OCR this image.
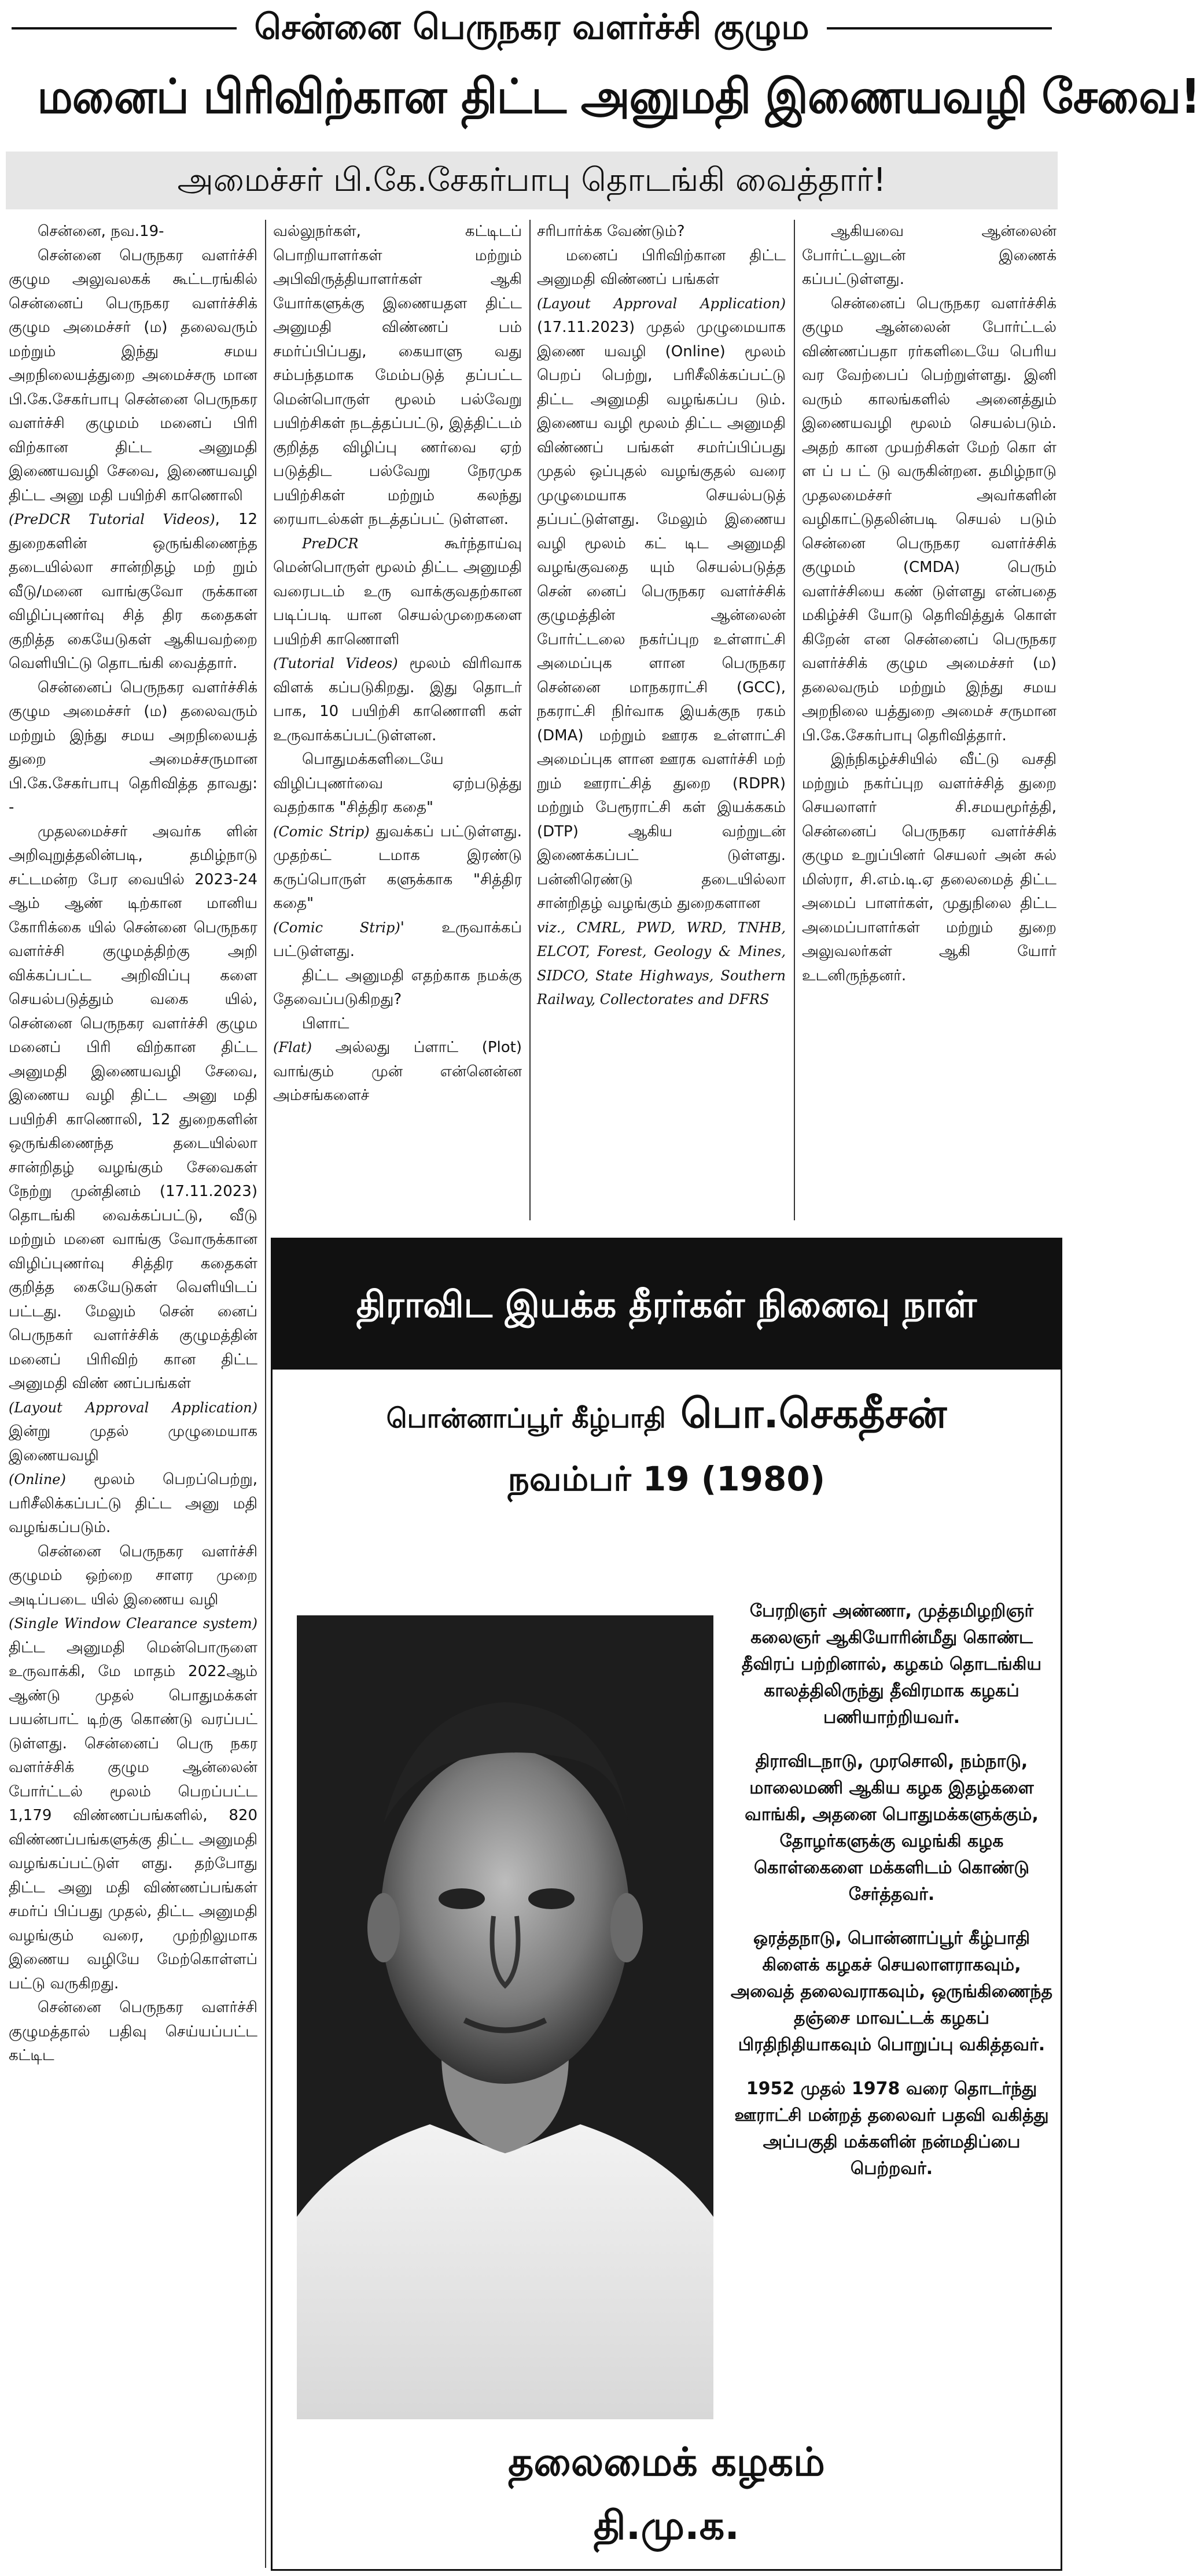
சென்னை பெருநகர வளர்ச்சி குழும
மனைப் பிரிவிற்கான திட்ட அனுமதி இணையவழி சேவை!
அமைச்சர் பி.கே.சேகர்பாபு தொடங்கி வைத்தார்!

சென்னை, நவ.19-

சென்னை பெருநகர வளர்ச்சி குழும அலுவலகக் கூட்டரங்கில் சென்னைப் பெருநகர வளர்ச்சிக் குழும அமைச்சர் (ம) தலைவரும் மற்றும் இந்து சமய அறநிலையத்துறை அமைச்சரு மான பி.கே.சேகர்பாபு சென்னை பெருநகர வளர்ச்சி குழுமம் மனைப் பிரி விற்கான திட்ட அனுமதி இணையவழி சேவை, இணையவழி திட்ட அனு மதி பயிற்சி காணொலி

(PreDCR Tutorial Videos), 12 துறைகளின் ஒருங்கிணைந்த தடையில்லா சான்றிதழ் மற் றும் வீடு/மனை வாங்குவோ ருக்கான விழிப்புணர்வு சித் திர கதைகள் குறித்த கையேடுகள் ஆகியவற்றை வெளியிட்டு தொடங்கி வைத்தார்.

சென்னைப் பெருநகர வளர்ச்சிக் குழும அமைச்சர் (ம) தலைவரும் மற்றும் இந்து சமய அறநிலையத் துறை அமைச்சருமான பி.கே.சேகர்பாபு தெரிவித்த தாவது: -

முதலமைச்சர் அவர்க ளின் அறிவுறுத்தலின்படி, தமிழ்நாடு சட்டமன்ற பேர வையில் 2023-24 ஆம் ஆண் டிற்கான மானிய கோரிக்கை யில் சென்னை பெருநகர வளர்ச்சி குழுமத்திற்கு அறி விக்கப்பட்ட அறிவிப்பு களை செயல்படுத்தும் வகை யில், சென்னை பெருநகர வளர்ச்சி குழும மனைப் பிரி விற்கான திட்ட அனுமதி இணையவழி சேவை, இணைய வழி திட்ட அனு மதி பயிற்சி காணொலி, 12 துறைகளின் ஒருங்கிணைந்த தடையில்லா சான்றிதழ் வழங்கும் சேவைகள் நேற்று முன்தினம் (17.11.2023) தொடங்கி வைக்கப்பட்டு, வீடு மற்றும் மனை வாங்கு வோருக்கான விழிப்புணர்வு சித்திர கதைகள் குறித்த கையேடுகள் வெளியிடப் பட்டது. மேலும் சென் னைப் பெருநகர் வளர்ச்சிக் குழுமத்தின் மனைப் பிரிவிற் கான திட்ட அனுமதி விண் ணப்பங்கள்

(Layout Approval Application) இன்று முதல் முழுமையாக இணையவழி

(Online) மூலம் பெறப்பெற்று, பரிசீலிக்கப்பட்டு திட்ட அனு மதி வழங்கப்படும்.

சென்னை பெருநகர வளர்ச்சி குழுமம் ஒற்றை சாளர முறை அடிப்படை யில் இணைய வழி

(Single Window Clearance system) திட்ட அனுமதி மென்பொருளை உருவாக்கி, மே மாதம் 2022ஆம் ஆண்டு முதல் பொதுமக்கள் பயன்பாட் டிற்கு கொண்டு வரப்பட் டுள்ளது. சென்னைப் பெரு நகர வளர்ச்சிக் குழும ஆன்லைன் போர்ட்டல் மூலம் பெறப்பட்ட 1,179 விண்ணப்பங்களில், 820 விண்ணப்பங்களுக்கு திட்ட அனுமதி வழங்கப்பட்டுள் ளது. தற்போது திட்ட அனு மதி விண்ணப்பங்கள் சமர்ப் பிப்பது முதல், திட்ட அனுமதி வழங்கும் வரை, முற்றிலுமாக இணைய வழியே மேற்கொள்ளப் பட்டு வருகிறது.

சென்னை பெருநகர வளர்ச்சி குழுமத்தால் பதிவு செய்யப்பட்ட கட்டிட

வல்லுநர்கள், கட்டிடப் பொறியாளர்கள் மற்றும் அபிவிருத்தியாளர்கள் ஆகி யோர்களுக்கு இணையதள திட்ட அனுமதி விண்ணப் பம் சமர்ப்பிப்பது, கையாளு வது சம்பந்தமாக மேம்படுத் தப்பட்ட மென்பொருள் மூலம் பல்வேறு பயிற்சிகள் நடத்தப்பட்டு, இத்திட்டம் குறித்த விழிப்பு ணர்வை ஏற் படுத்திட பல்வேறு நேரமுக பயிற்சிகள் மற்றும் கலந்து ரையாடல்கள் நடத்தப்பட் டுள்ளன.

PreDCR கூர்ந்தாய்வு மென்பொருள் மூலம் திட்ட அனுமதி வரைபடம் உரு வாக்குவதற்கான படிப்படி யான செயல்முறைகளை பயிற்சி காணொளி

(Tutorial Videos) மூலம் விரிவாக விளக் கப்படுகிறது. இது தொடர் பாக, 10 பயிற்சி காணொளி கள் உருவாக்கப்பட்டுள்ளன.

பொதுமக்களிடையே விழிப்புணர்வை ஏற்படுத்து வதற்காக "சித்திர கதை"

(Comic Strip) துவக்கப் பட்டுள்ளது. முதற்கட் டமாக இரண்டு கருப்பொருள் களுக்காக "சித்திர கதை"

(Comic Strip)' உருவாக்கப் பட்டுள்ளது.

திட்ட அனுமதி எதற்காக நமக்கு தேவைப்படுகிறது?

பிளாட்

(Flat) அல்லது ப்ளாட் (Plot) வாங்கும் முன் என்னென்ன அம்சங்களைச்

சரிபார்க்க வேண்டும்?

மனைப் பிரிவிற்கான திட்ட அனுமதி விண்ணப் பங்கள்

(Layout Approval Application) (17.11.2023) முதல் முழுமையாக இணை யவழி (Online) மூலம் பெறப் பெற்று, பரிசீலிக்கப்பட்டு திட்ட அனுமதி வழங்கப்ப டும். இணைய வழி மூலம் திட்ட அனுமதி விண்ணப் பங்கள் சமர்ப்பிப்பது முதல் ஒப்புதல் வழங்குதல் வரை முழுமையாக செயல்படுத் தப்பட்டுள்ளது. மேலும் இணைய வழி மூலம் கட் டிட அனுமதி வழங்குவதை யும் செயல்படுத்த சென் னைப் பெருநகர வளர்ச்சிக் குழுமத்தின் ஆன்லைன் போர்ட்டலை நகர்ப்புற உள்ளாட்சி அமைப்புக ளான பெருநகர சென்னை மாநகராட்சி (GCC), நகராட்சி நிர்வாக இயக்குந ரகம் (DMA) மற்றும் ஊரக உள்ளாட்சி அமைப்புக ளான ஊரக வளர்ச்சி மற் றும் ஊராட்சித் துறை (RDPR) மற்றும் பேரூராட்சி கள் இயக்ககம் (DTP) ஆகிய வற்றுடன் இணைக்கப்பட் டுள்ளது. பன்னிரெண்டு தடையில்லா சான்றிதழ் வழங்கும் துறைகளான

viz., CMRL, PWD, WRD, TNHB, ELCOT, Forest, Geology & Mines, SIDCO, State Highways, Southern Railway, Collectorates and DFRS

ஆகியவை ஆன்லைன் போர்ட்டலுடன் இணைக் கப்பட்டுள்ளது.

சென்னைப் பெருநகர வளர்ச்சிக் குழும ஆன்லைன் போர்ட்டல் விண்ணப்பதா ரர்களிடையே பெரிய வர வேற்பைப் பெற்றுள்ளது. இனி வரும் காலங்களில் அனைத்தும் இணையவழி மூலம் செயல்படும். அதற் கான முயற்சிகள் மேற் கொ ள் ள ப் ப ட் டு வருகின்றன. தமிழ்நாடு முதலமைச்சர் அவர்களின் வழிகாட்டுதலின்படி செயல் படும் சென்னை பெருநகர வளர்ச்சிக் குழுமம் (CMDA) பெரும் வளர்ச்சியை கண் டுள்ளது என்பதை மகிழ்ச்சி யோடு தெரிவித்துக் கொள் கிறேன் என சென்னைப் பெருநகர வளர்ச்சிக் குழும அமைச்சர் (ம) தலைவரும் மற்றும் இந்து சமய அறநிலை யத்துறை அமைச் சருமான பி.கே.சேகர்பாபு தெரிவித்தார்.

இந்நிகழ்ச்சியில் வீட்டு வசதி மற்றும் நகர்ப்புற வளர்ச்சித் துறை செயலாளர் சி.சமயமூர்த்தி, சென்னைப் பெருநகர வளர்ச்சிக் குழும உறுப்பினர் செயலர் அன் சுல் மிஸ்ரா, சி.எம்.டி.ஏ தலைமைத் திட்ட அமைப் பாளர்கள், முதுநிலை திட்ட அமைப்பாளர்கள் மற்றும் துறை அலுவலர்கள் ஆகி யோர் உடனிருந்தனர்.

திராவிட இயக்க தீரர்கள் நினைவு நாள்
பொன்னாப்பூர் கீழ்பாதி பொ.செகதீசன்
நவம்பர் 19 (1980)

பேரறிஞர் அண்ணா, முத்தமிழறிஞர் கலைஞர் ஆகியோரின்மீது கொண்ட தீவிரப் பற்றினால், கழகம் தொடங்கிய காலத்திலிருந்து தீவிரமாக கழகப் பணியாற்றியவர்.

திராவிடநாடு, முரசொலி, நம்நாடு, மாலைமணி ஆகிய கழக இதழ்களை வாங்கி, அதனை பொதுமக்களுக்கும், தோழர்களுக்கு வழங்கி கழக கொள்கைளை மக்களிடம் கொண்டு சேர்த்தவர்.

ஒரத்தநாடு, பொன்னாப்பூர் கீழ்பாதி கிளைக் கழகச் செயலாளராகவும், அவைத் தலைவராகவும், ஒருங்கிணைந்த தஞ்சை மாவட்டக் கழகப் பிரதிநிதியாகவும் பொறுப்பு வகித்தவர்.

1952 முதல் 1978 வரை தொடர்ந்து ஊராட்சி மன்றத் தலைவர் பதவி வகித்து அப்பகுதி மக்களின் நன்மதிப்பை பெற்றவர்.

தலைமைக் கழகம்
தி.மு.க.
